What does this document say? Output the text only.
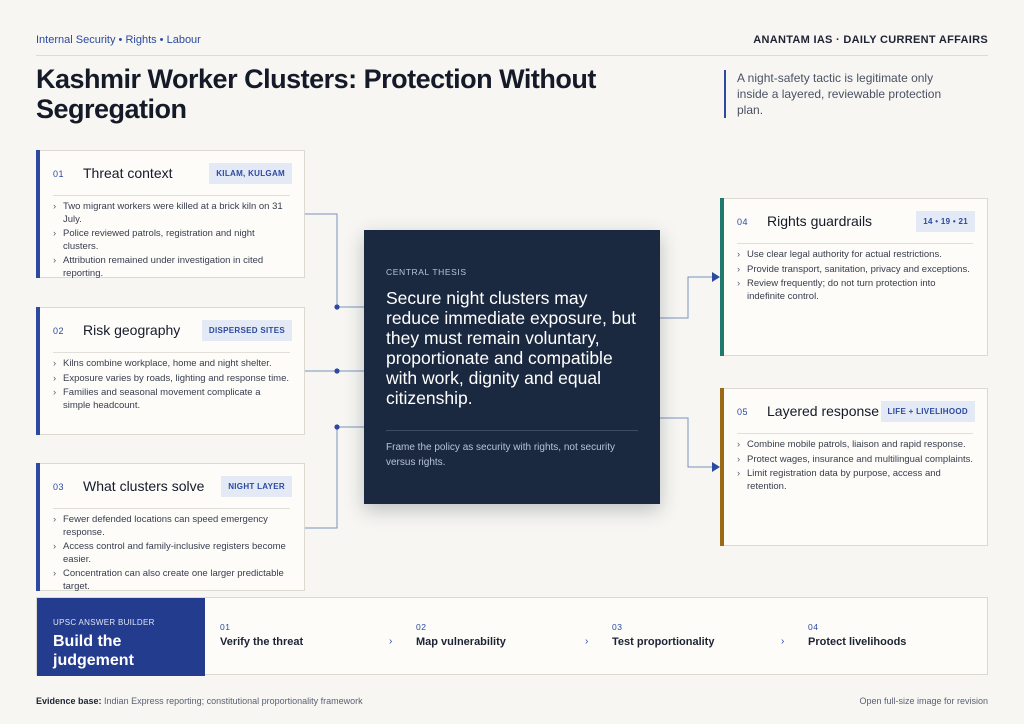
Internal Security • Rights • Labour	ANANTAM IAS · DAILY CURRENT AFFAIRS
Kashmir Worker Clusters: Protection Without Segregation

A night-safety tactic is legitimate only inside a layered, reviewable protection plan.

01 Threat context	KILAM, KULGAM
› Two migrant workers were killed at a brick kiln on 31 July.
› Police reviewed patrols, registration and night clusters.
› Attribution remained under investigation in cited reporting.
02 Risk geography	DISPERSED SITES
› Kilns combine workplace, home and night shelter.
› Exposure varies by roads, lighting and response time.
› Families and seasonal movement complicate a simple headcount.
03 What clusters solve	NIGHT LAYER
› Fewer defended locations can speed emergency response.
› Access control and family-inclusive registers become easier.
› Concentration can also create one larger predictable target.
CENTRAL THESIS
Secure night clusters may reduce immediate exposure, but they must remain voluntary, proportionate and compatible with work, dignity and equal citizenship.
Frame the policy as security with rights, not security versus rights.
04 Rights guardrails	14 • 19 • 21
› Use clear legal authority for actual restrictions.
› Provide transport, sanitation, privacy and exceptions.
› Review frequently; do not turn protection into indefinite control.
05 Layered response	LIFE + LIVELIHOOD
› Combine mobile patrols, liaison and rapid response.
› Protect wages, insurance and multilingual complaints.
› Limit registration data by purpose, access and retention.
UPSC ANSWER BUILDER
Build the judgement
01
Verify the threat	›
02
Map vulnerability	›
03
Test proportionality	›
04
Protect livelihoods
Evidence base: Indian Express reporting; constitutional proportionality framework	Open full-size image for revision
